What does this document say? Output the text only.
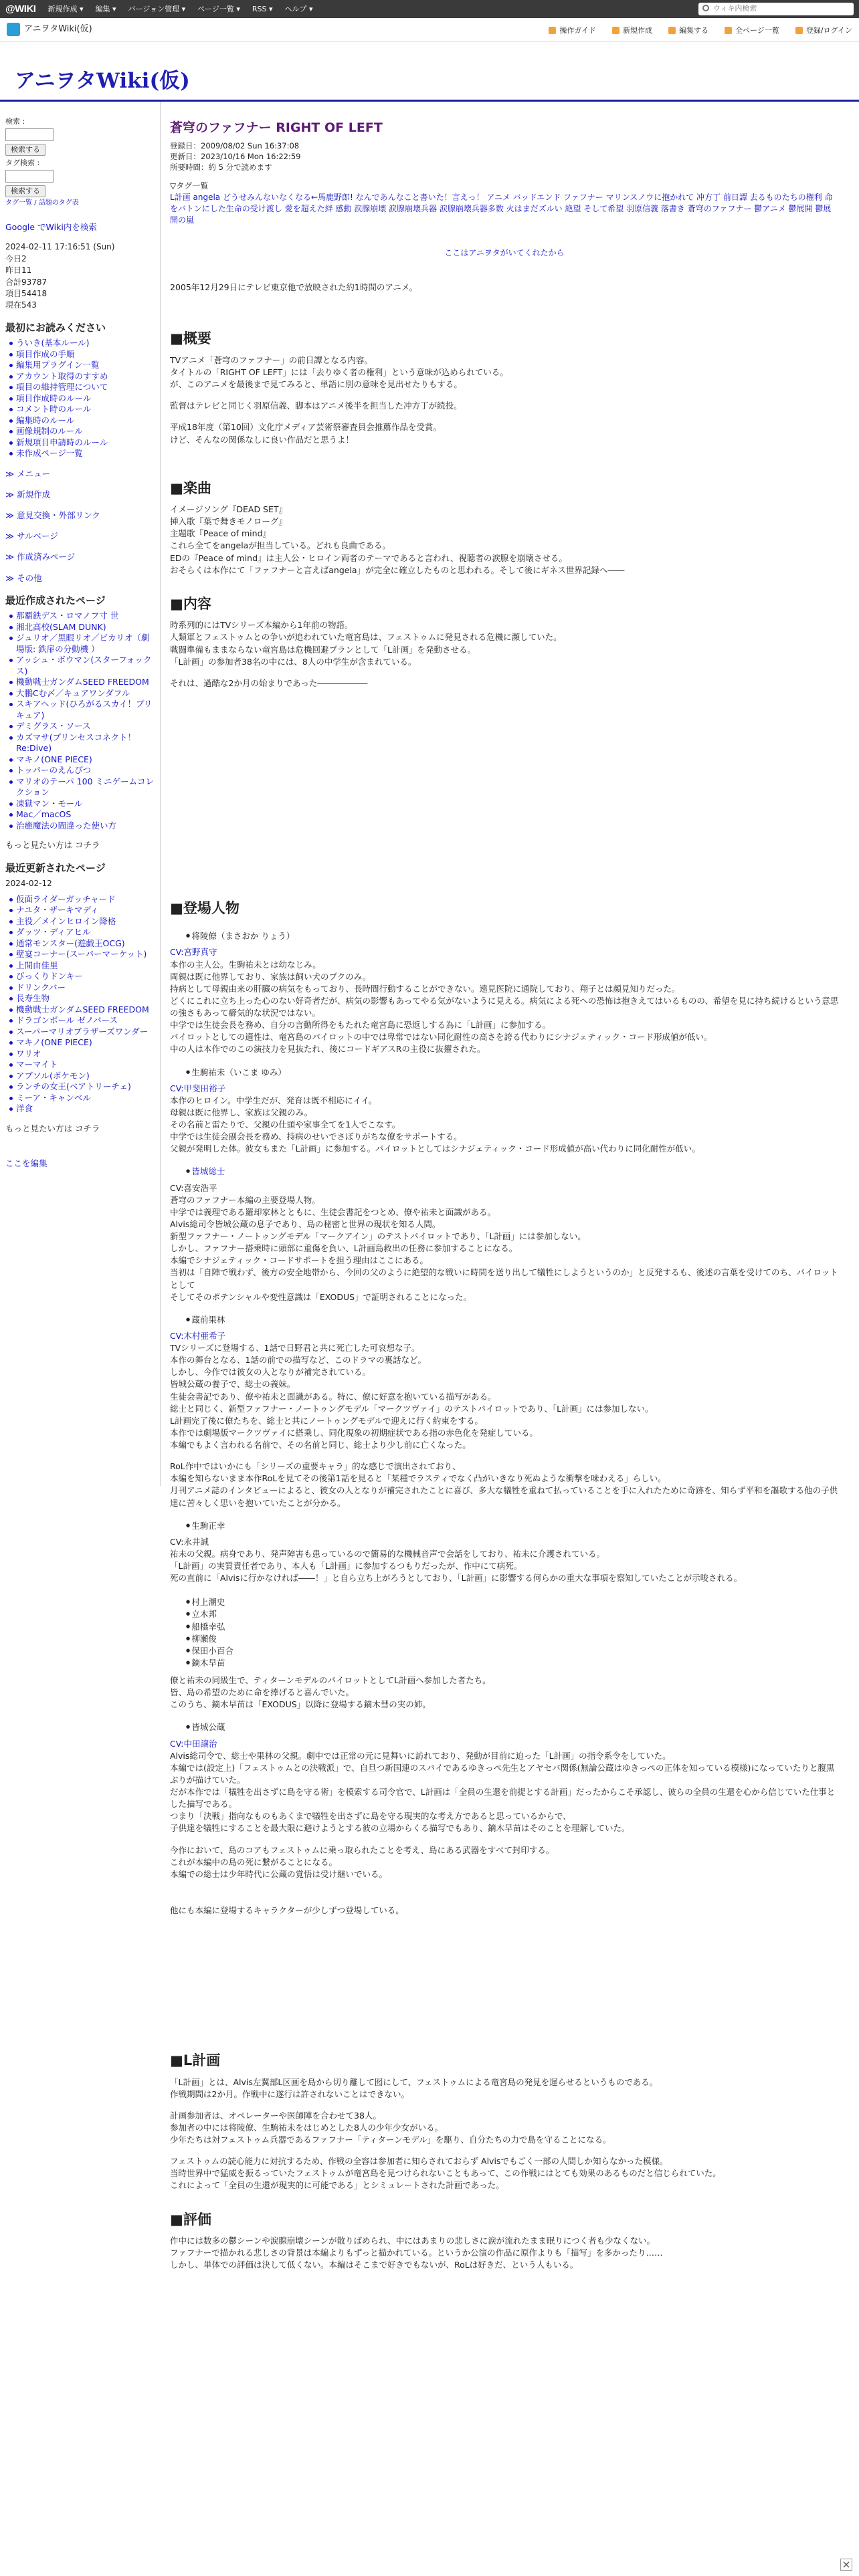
@WIKI	新規作成 ▾ 編集 ▾ バージョン管理 ▾ ページ一覧 ▾ RSS ▾ ヘルプ ▾	ウィキ内検索
アニヲタWiki(仮)	操作ガイド	新規作成	編集する	全ページ一覧	登録/ログイン
アニヲタWiki(仮)
検索 :
検索する
タグ検索 :
検索する
タグ一覧 / 話題のタグ表
Google でWiki内を検索
2024-02-11 17:16:51 (Sun)
今日2
昨日11
合計93787
項目54418
現在543
最初にお読みください
ういき(基本ルール)
項目作成の手順
編集用プラグイン一覧
アカウント取得のすすめ
項目の維持管理について
項目作成時のルール
コメント時のルール
編集時のルール
画像規制のルール
新規項目申請時のルール
未作成ページ一覧
≫ メニュー
≫ 新規作成
≫ 意見交換・外部リンク
≫ サルベージ
≫ 作成済みページ
≫ その他
最近作成されたページ
那覇鉄デス・ロマノフ寸 世
湘北高校(SLAM DUNK)
ジュリオ／黒眼リオ／ビカリオ（劇場版: 鉄扉の分動機 ）
アッシュ・ボウマン(スターフォックス)
機動戦士ガンダムSEED FREEDOM
大鵬Cむ〆／キュアワンダフル
スキアヘッド(ひろがるスカイ！プリキュア)
デミグラス・ソース
カズマサ(プリンセスコネクト！Re:Dive)
マキノ(ONE PIECE)
トッパーのえんぴつ
マリオのテーパ 100 ミニゲームコレクション
凍獄マン・モール
Mac／macOS
治癒魔法の間違った使い方
もっと見たい方は コチラ
最近更新されたページ
2024-02-12
仮面ライダーガッチャード
ナユタ・ザーキマディ
主役／メインヒロイン降格
ダッツ・ディアヒル
通常モンスター(遊戯王OCG)
壁宴コーナー(スーパーマーケット)
上間由佳里
びっくりドンキー
ドリンクバー
長寿生物
機動戦士ガンダムSEED FREEDOM
ドラゴンボール ゼノバース
スーパーマリオブラザーズワンダー
マキノ(ONE PIECE)
ワリオ
マーマイト
アブソル(ポケモン)
ランチの女王(ベアトリーチェ)
ミーア・キャンベル
洋食
もっと見たい方は コチラ
ここを編集
蒼穹のファフナー RIGHT OF LEFT
登録日：2009/08/02 Sun 16:37:08
更新日：2023/10/16 Mon 16:22:59
所要時間：約 5 分で読めます
▽タグ一覧
L計画 angela どうせみんないなくなる←馬鹿野郎! なんであんなこと書いた！言えっ！ アニメ バッドエンド ファフナー マリンスノウに抱かれて 冲方丁 前日譚 去るものたちの権利 命をバトンにした生命の受け渡し 愛を超えた絆 感動 涙腺崩壊 涙腺崩壊兵器 涙腺崩壊兵器多数 火はまだズルい 絶望 そして希望 羽原信義 落書き 蒼穹のファフナー 鬱アニメ 鬱展開 鬱展開の嵐
ここはアニヲタがいてくれたから

2005年12月29日にテレビ東京他で放映された約1時間のアニメ。

■ 概要

TVアニメ「蒼穹のファフナー」の前日譚となる内容。

タイトルの「RIGHT OF LEFT」には「去りゆく者の権利」という意味が込められている。

が、このアニメを最後まで見てみると、単語に別の意味を見出せたりもする。

監督はテレビと同じく羽原信義、脚本はアニメ後半を担当した冲方丁が続投。

平成18年度（第10回）文化庁メディア芸術祭審査員会推薦作品を受賞。

けど、そんなの関係なしに良い作品だと思うよ！

■ 楽曲

イメージソング『DEAD SET』

挿入歌『葉で舞きモノローグ』

主題歌『Peace of mind』

これら全てをangelaが担当している。どれも良曲である。

EDの『Peace of mind』は主人公・ヒロイン両者のテーマであると言われ、視聴者の涙腺を崩壊させる。

おそらくは本作にて「ファフナーと言えばangela」が完全に確立したものと思われる。そして後にギネス世界記録へ――

■ 内容

時系列的にはTVシリーズ本編から1年前の物語。

人類軍とフェストゥムとの争いが追われていた竜宮島は、フェストゥムに発見される危機に瀕していた。

戦闘準備もままならない竜宮島は危機回避プランとして「L計画」を発動させる。

「L計画」の参加者38名の中には、8人の中学生が含まれている。

それは、過酷な2か月の始まりであった――――――

■ 登場人物
● 将陵僚（まさおか りょう）
CV:宮野真守

本作の主人公。生駒祐未とは幼なじみ。

両親は既に他界しており、家族は飼い犬のプクのみ。

持病として母親由来の肝臓の病気をもっており、長時間行動することができない。遠見医院に通院しており、翔子とは顔見知りだった。

どくにこれに立ち上った心のない好奇者だが、病気の影響もあってやる気がないように見える。病気による死への恐怖は抱きえてはいるものの、希望を見に持ち続けるという意思の強さもあって癖気的な状況ではない。

中学では生徒会長を務め、自分の言動所得をもたれた竜宮島に恐返しする為に「L計画」に参加する。

パイロットとしての適性は、竜宮島のパイロットの中では卑常ではない同化耐性の高さを誇る代わりにシナジェティック・コード形成値が低い。

中の人は本作でのこの演技力を見抜たれ、後にコードギアスRの主役に抜擢された。

● 生駒祐未（いこま ゆみ）
CV:甲斐田裕子

本作のヒロイン。中学生だが、発育は既不相応にイイ。

母親は既に他界し、家族は父親のみ。

その名前と雷たりで、父親の仕頭や家事全てを1人でこなす。

中学では生徒会副会長を務め、持病のせいでさぼりがちな僚をサポートする。

父親が発明した体。彼女もまた「L計画」に参加する。パイロットとしてはシナジェティック・コード形成値が高い代わりに同化耐性が低い。

● 皆城総士
CV:喜安浩平

蒼穹のファフナー本編の主要登場人物。

中学では義理である羅却家林とともに、生徒会書記をつとめ、僚や祐未と面識がある。

Alvis総司令皆城公蔵の息子であり、島の秘密と世界の現状を知る人間。

新型ファフナー・ノートゥングモデル「マークアイン」のテストパイロットであり、「L計画」には参加しない。

しかし、ファフナー搭乗時に頭部に重傷を負い、L計画島救出の任務に参加することになる。

本編でシナジェティック・コードサポートを担う理由はここにある。

当初は「自陣で戦わず、後方の安全地帯から、今回の父のように絶望的な戦いに時間を送り出して犠牲にしようというのか」と反発するも、後述の言葉を受けてのち、パイロットとして

そしてそのポテンシャルや変性意識は「EXODUS」で証明されることになった。

● 蔵前果林
CV:木村亜希子

TVシリーズに登場する、1話で日野君と共に死亡した可哀想な子。

本作の舞台となる、1話の前での描写など、このドラマの裏話など。

しかし、今作では彼女の人となりが補完されている。

皆城公蔵の養子で、総士の義妹。

生徒会書記であり、僚や祐未と面識がある。特に、僚に好意を抱いている描写がある。

総士と同じく、新型ファフナー・ノートゥングモデル「マークツヴァイ」のテストパイロットであり、「L計画」には参加しない。

L計画完了後に僚たちを、総士と共にノートゥングモデルで迎えに行く約束をする。

本作では劇場版マークツヴァイに搭乗し、同化現象の初期症状である指の赤色化を発症している。

本編でもよく言われる名前で、その名前と同じ、総士より少し前に亡くなった。

RoL作中ではいかにも「シリーズの重要キャラ」的な感じで演出されており、

本編を知らないまま本作RoLを見てその後第1話を見ると「某種でラスティでなく凸がいきなり死ぬような衝撃を味わえる」らしい。

月刊アニメ誌のインタビューによると、彼女の人となりが補完されたことに喜び、多大な犠牲を重ねて払っていることを手に入れたために奇跡を、知らず平和を謳歌する他の子供達に苦々しく思いを抱いていたことが分かる。

● 生駒正幸
CV:永井誠

祐未の父親。病身であり、発声障害も患っているので簡易的な機械音声で会話をしており、祐未に介護されている。

「L計画」の実質責任者であり、本人も「L計画」に参加するつもりだったが、作中にて病死。

死の直前に「Alvisに行かなければ――！」と自ら立ち上がろうとしており、「L計画」に影響する何らかの重大な事項を察知していたことが示唆される。

● 村上潮史
● 立木邦
● 船橋幸弘
● 柳瀬俊
● 保田小百合
● 鏑木早苗

僚と祐未の同級生で、ティターンモデルのパイロットとしてL計画へ参加した者たち。

皆、島の希望のために命を捧げると喜んでいた。

このうち、鏑木早苗は「EXODUS」以降に登場する鏑木彗の実の姉。

● 皆城公蔵
CV:中田譲治

Alvis総司令で、総士や果林の父親。劇中では正常の元に見舞いに訪れており、発動が目前に迫った「L計画」の指令系令をしていた。

本編では(設定上)「フェストゥムとの決戦派」で、自旦つ新国連のスパイであるゆきっぺ先生とアヤセバ関係(無論公蔵はゆきっぺの正体を知っている模様)になっていたりと腹黒ぶりが描けていた。

だが本作では「犠牲を出さずに島を守る術」を模索する司令官で、L計画は「全員の生還を前提とする計画」だったからこそ承認し、彼らの全員の生還を心から信じていた仕事とした描写である。

つまり「決戦」指向なものもあくまで犠牲を出さずに島を守る現実的な考え方であると思っているからで、

子供達を犠牲にすることを最大限に避けようとする彼の立場からくる描写でもあり、鏑木早苗はそのことを理解していた。

今作において、島のコアもフェストゥムに乗っ取られたことを考え、島にある武器をすべて封印する。

これが本編中の島の死に繋がることになる。

本編での総士は少年時代に公蔵の覚悟は受け継いでいる。

他にも本編に登場するキャラクターが少しずつ登場している。

■ L計画

「L計画」とは、Alvis左翼部L区画を島から切り離して囮にして、フェストゥムによる竜宮島の発見を遅らせるというものである。

作戦期間は2か月。作戦中に遂行は許されないことはできない。

計画参加者は、オペレーターや医師陣を合わせて38人。

参加者の中には将陵僚、生駒祐未をはじめとした8人の少年少女がいる。

少年たちは対フェストゥム兵器であるファフナー「ティターンモデル」を駆り、自分たちの力で島を守ることになる。

フェストゥムの読心能力に対抗するため、作戦の全容は参加者に知らされておらず Alvisでもごく一部の人間しか知らなかった模様。

当時世界中で猛威を振るっていたフェストゥムが竜宮島を見つけられないこともあって、この作戦にはとても効果のあるものだと信じられていた。

これによって「全員の生還が現実的に可能である」とシミュレートされた計画であった。

■ 評価

作中には数多の鬱シーンや涙腺崩壊シーンが散りばめられ、中にはあまりの悲しさに涙が流れたまま眠りにつく者も少なくない。

ファフナーで描かれる悲しさの背景は本編よりもずっと描かれている。というか公演の作品に原作よりも「描写」を多かったり……

しかし、単体での評価は決して低くない。本編はそこまで好きでもないが、RoLは好きだ、という人もいる。

×
